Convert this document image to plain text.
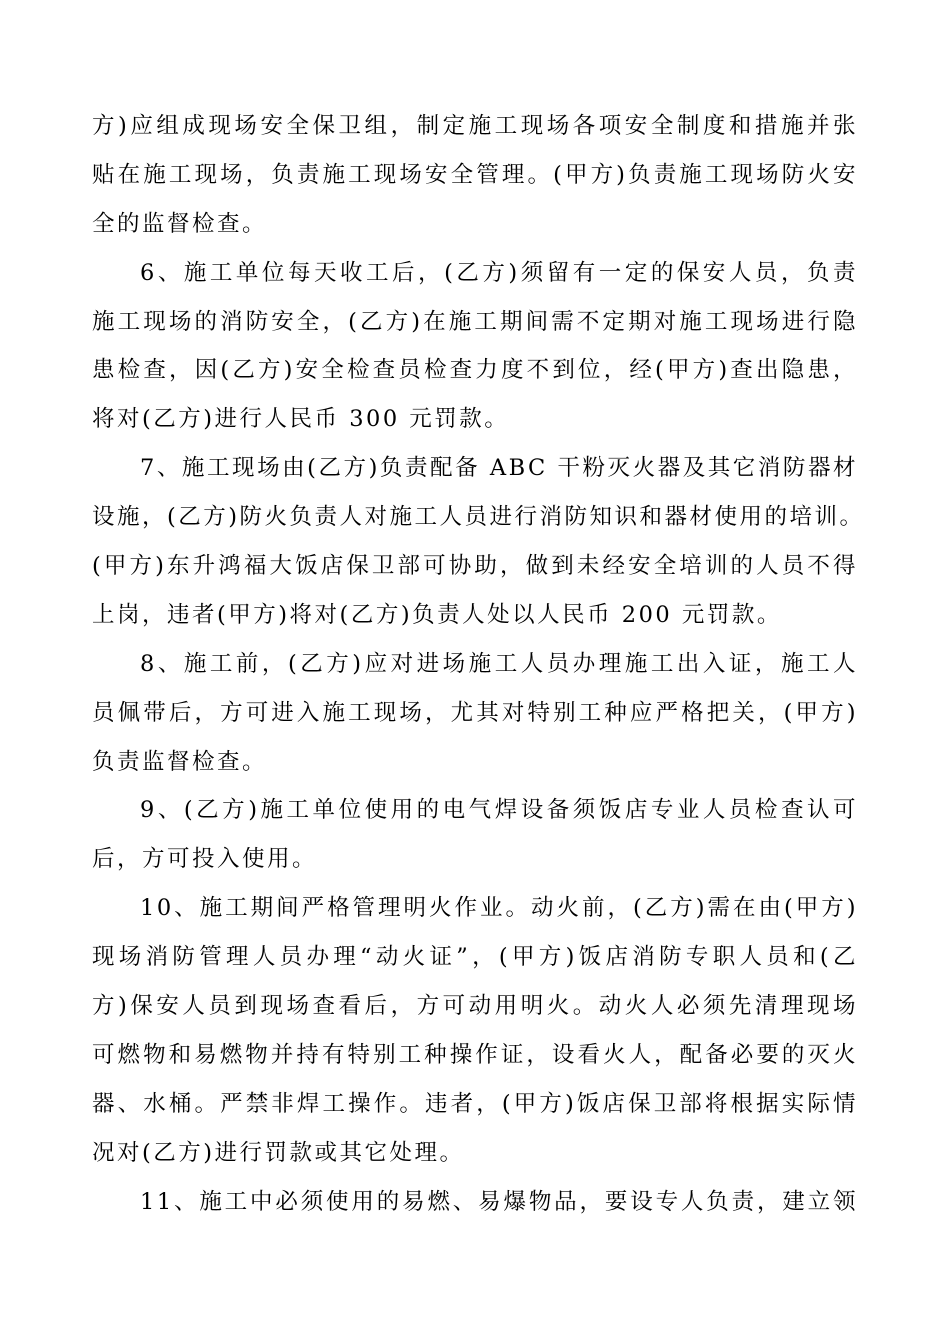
方)应组成现场安全保卫组，制定施工现场各项安全制度和措施并张
贴在施工现场，负责施工现场安全管理。(甲方)负责施工现场防火安
全的监督检查。
6、施工单位每天收工后，(乙方)须留有一定的保安人员，负责
施工现场的消防安全，(乙方)在施工期间需不定期对施工现场进行隐
患检查，因(乙方)安全检查员检查力度不到位，经(甲方)查出隐患，
将对(乙方)进行人民币 300 元罚款。
7、施工现场由(乙方)负责配备 ABC 干粉灭火器及其它消防器材
设施，(乙方)防火负责人对施工人员进行消防知识和器材使用的培训。
(甲方)东升鸿福大饭店保卫部可协助，做到未经安全培训的人员不得
上岗，违者(甲方)将对(乙方)负责人处以人民币 200 元罚款。
8、施工前，(乙方)应对进场施工人员办理施工出入证，施工人
员佩带后，方可进入施工现场，尤其对特别工种应严格把关，(甲方)
负责监督检查。
9、(乙方)施工单位使用的电气焊设备须饭店专业人员检查认可
后，方可投入使用。
10、施工期间严格管理明火作业。动火前，(乙方)需在由(甲方)
现场消防管理人员办理“动火证”，(甲方)饭店消防专职人员和(乙
方)保安人员到现场查看后，方可动用明火。动火人必须先清理现场
可燃物和易燃物并持有特别工种操作证，设看火人，配备必要的灭火
器、水桶。严禁非焊工操作。违者，(甲方)饭店保卫部将根据实际情
况对(乙方)进行罚款或其它处理。
11、施工中必须使用的易燃、易爆物品，要设专人负责，建立领
